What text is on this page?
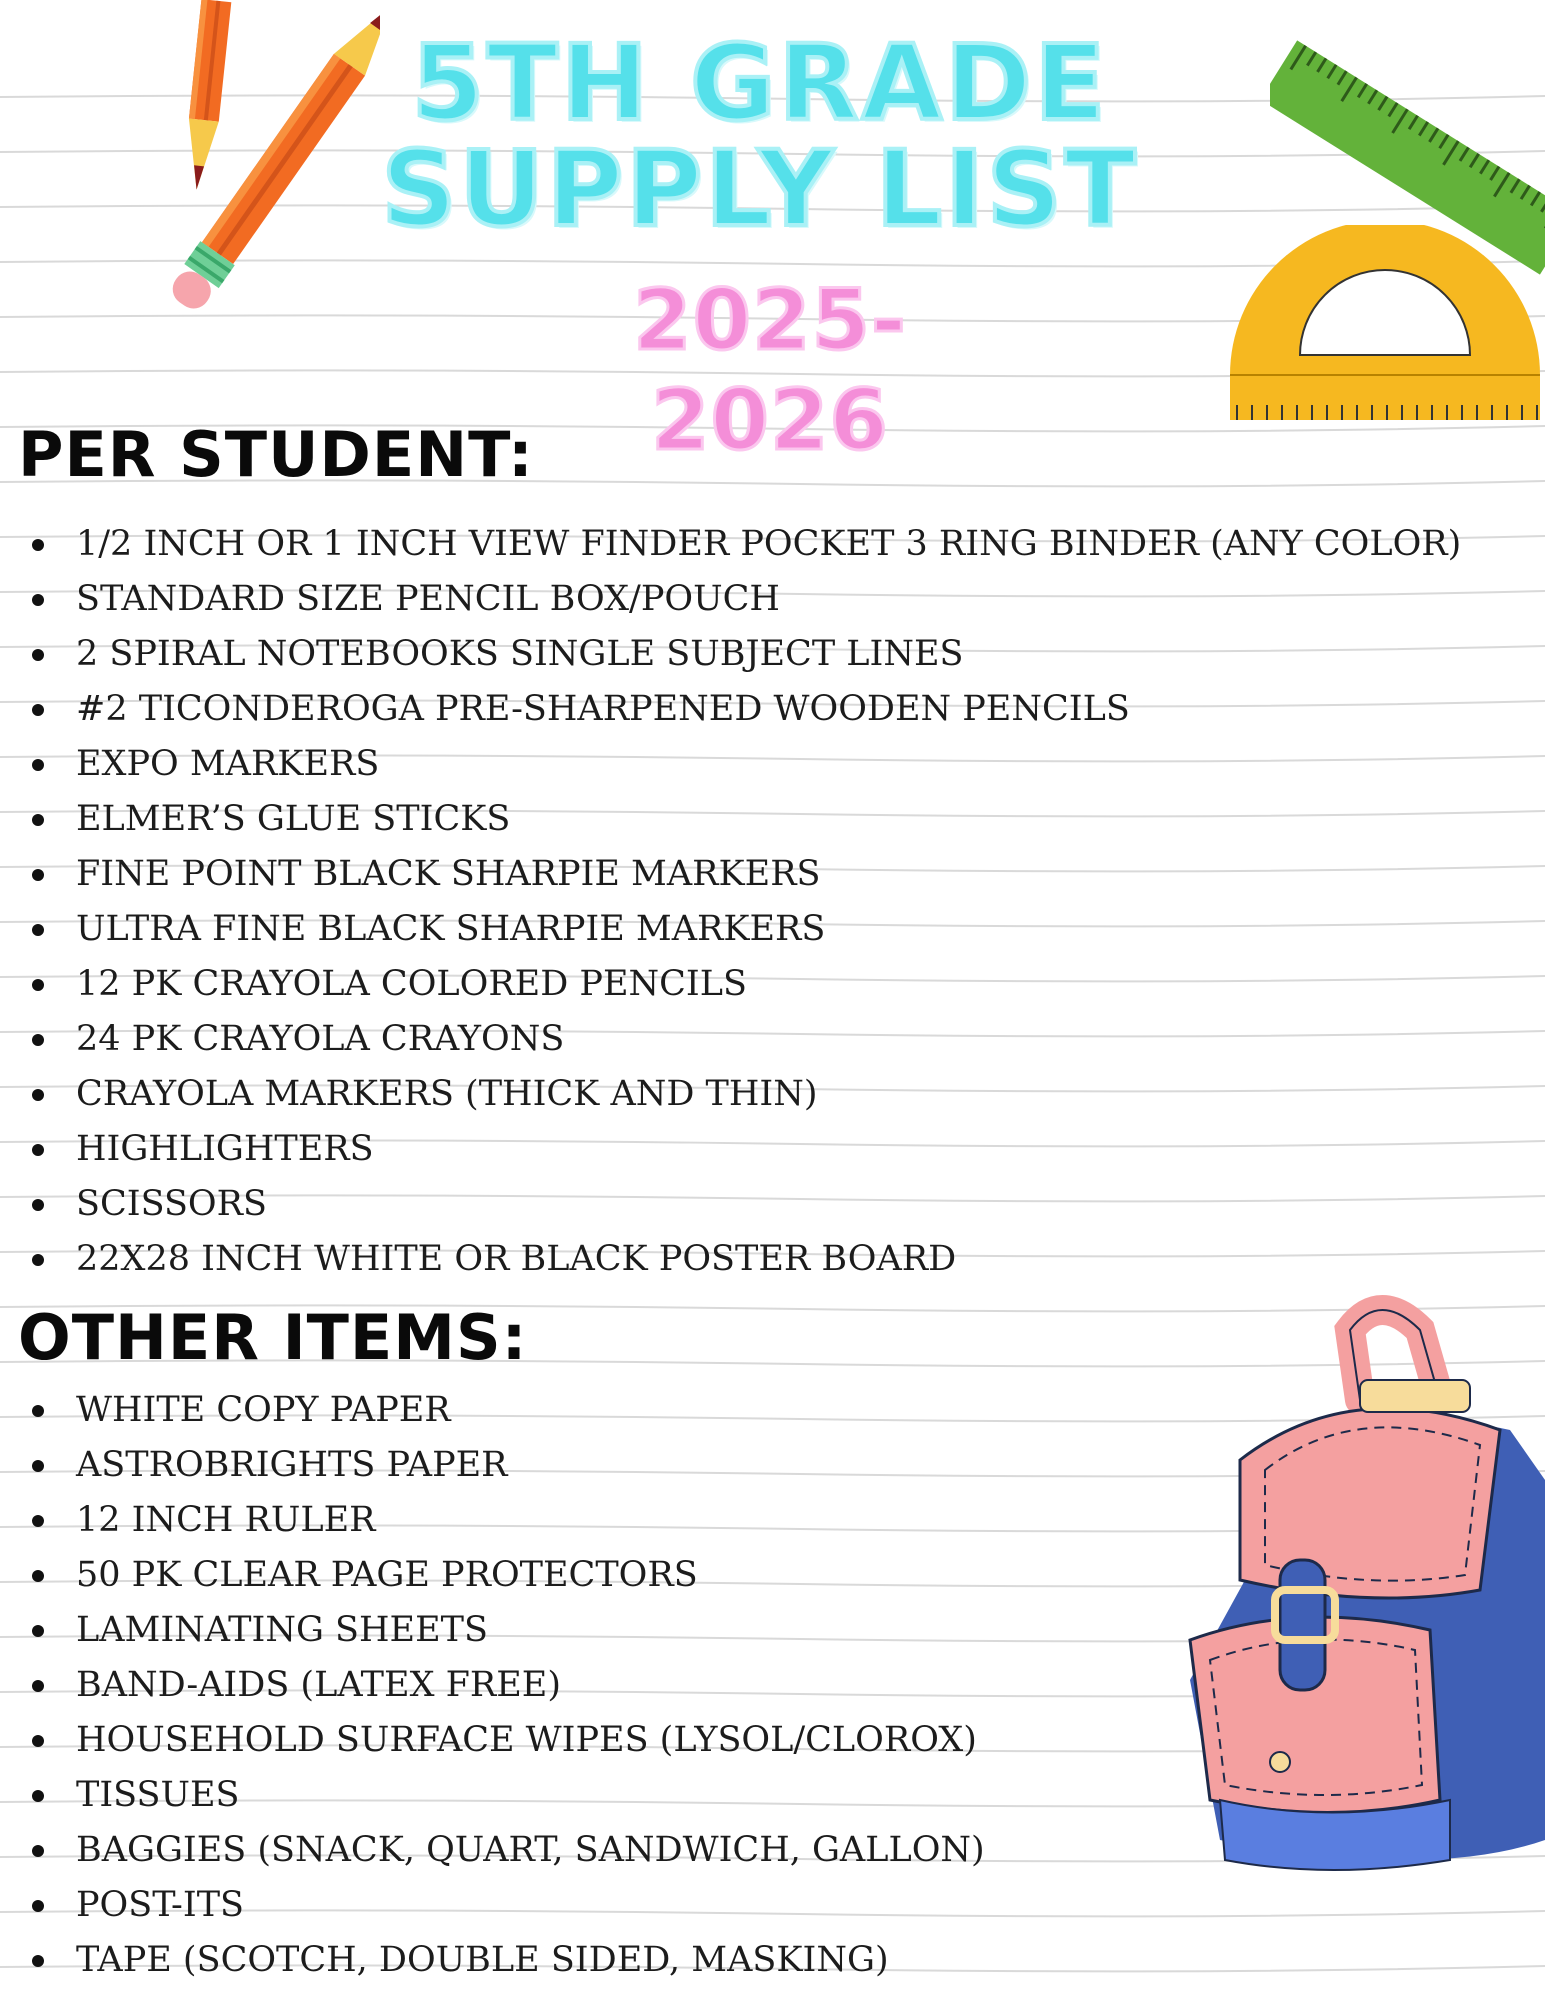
5TH GRADE
SUPPLY LIST
2025-2026
PER STUDENT:
1/2 INCH OR 1 INCH VIEW FINDER POCKET 3 RING BINDER (ANY COLOR)
STANDARD SIZE PENCIL BOX/POUCH
2 SPIRAL NOTEBOOKS SINGLE SUBJECT LINES
#2 TICONDEROGA PRE-SHARPENED WOODEN PENCILS
EXPO MARKERS
ELMER’S GLUE STICKS
FINE POINT BLACK SHARPIE MARKERS
ULTRA FINE BLACK SHARPIE MARKERS
12 PK CRAYOLA COLORED PENCILS
24 PK CRAYOLA CRAYONS
CRAYOLA MARKERS (THICK AND THIN)
HIGHLIGHTERS
SCISSORS
22X28 INCH WHITE OR BLACK POSTER BOARD
OTHER ITEMS:
WHITE COPY PAPER
ASTROBRIGHTS PAPER
12 INCH RULER
50 PK CLEAR PAGE PROTECTORS
LAMINATING SHEETS
BAND-AIDS (LATEX FREE)
HOUSEHOLD SURFACE WIPES (LYSOL/CLOROX)
TISSUES
BAGGIES (SNACK, QUART, SANDWICH, GALLON)
POST-ITS
TAPE (SCOTCH, DOUBLE SIDED, MASKING)
